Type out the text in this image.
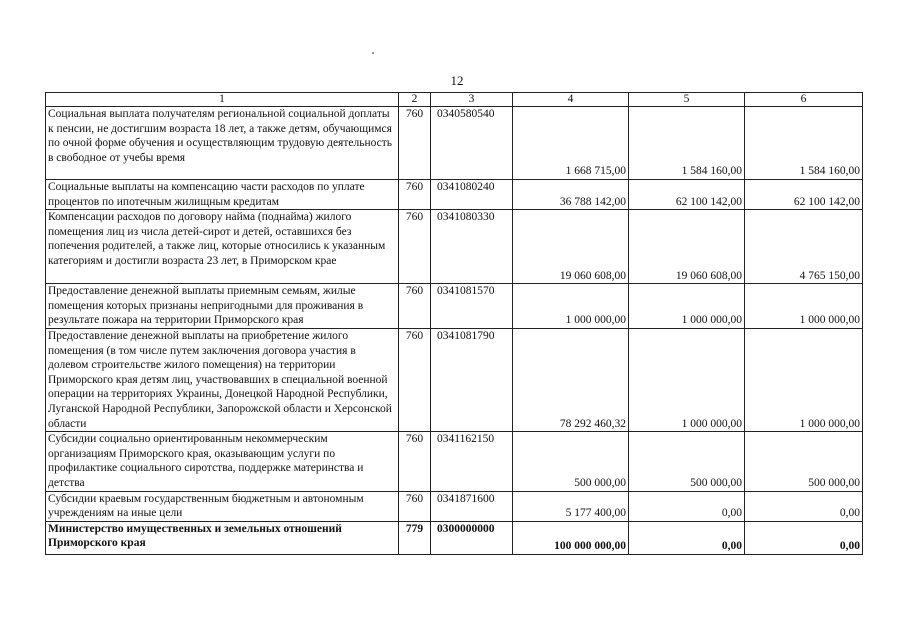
12
1	2	3	4	5	6
Социальная выплата получателям региональной социальной доплаты к пенсии, не достигшим возраста 18 лет, а также детям, обучающимся по очной форме обучения и осуществляющим трудовую деятельность в свободное от учебы время	760	0340580540	1 668 715,00	1 584 160,00	1 584 160,00
Социальные выплаты на компенсацию части расходов по уплате процентов по ипотечным жилищным кредитам	760	0341080240	36 788 142,00	62 100 142,00	62 100 142,00
Компенсации расходов по договору найма (поднайма) жилого помещения лиц из числа детей-сирот и детей, оставшихся без попечения родителей, а также лиц, которые относились к указанным категориям и достигли возраста 23 лет, в Приморском крае	760	0341080330	19 060 608,00	19 060 608,00	4 765 150,00
Предоставление денежной выплаты приемным семьям, жилые помещения которых признаны непригодными для проживания в результате пожара на территории Приморского края	760	0341081570	1 000 000,00	1 000 000,00	1 000 000,00
Предоставление денежной выплаты на приобретение жилого помещения (в том числе путем заключения договора участия в долевом строительстве жилого помещения) на территории Приморского края детям лиц, участвовавших в специальной военной операции на территориях Украины, Донецкой Народной Республики, Луганской Народной Республики, Запорожской области и Херсонской области	760	0341081790	78 292 460,32	1 000 000,00	1 000 000,00
Субсидии социально ориентированным некоммерческим организациям Приморского края, оказывающим услуги по профилактике социального сиротства, поддержке материнства и детства	760	0341162150	500 000,00	500 000,00	500 000,00
Субсидии краевым государственным бюджетным и автономным учреждениям на иные цели	760	0341871600	5 177 400,00	0,00	0,00
Министерство имущественных и земельных отношений Приморского края	779	0300000000	100 000 000,00	0,00	0,00
